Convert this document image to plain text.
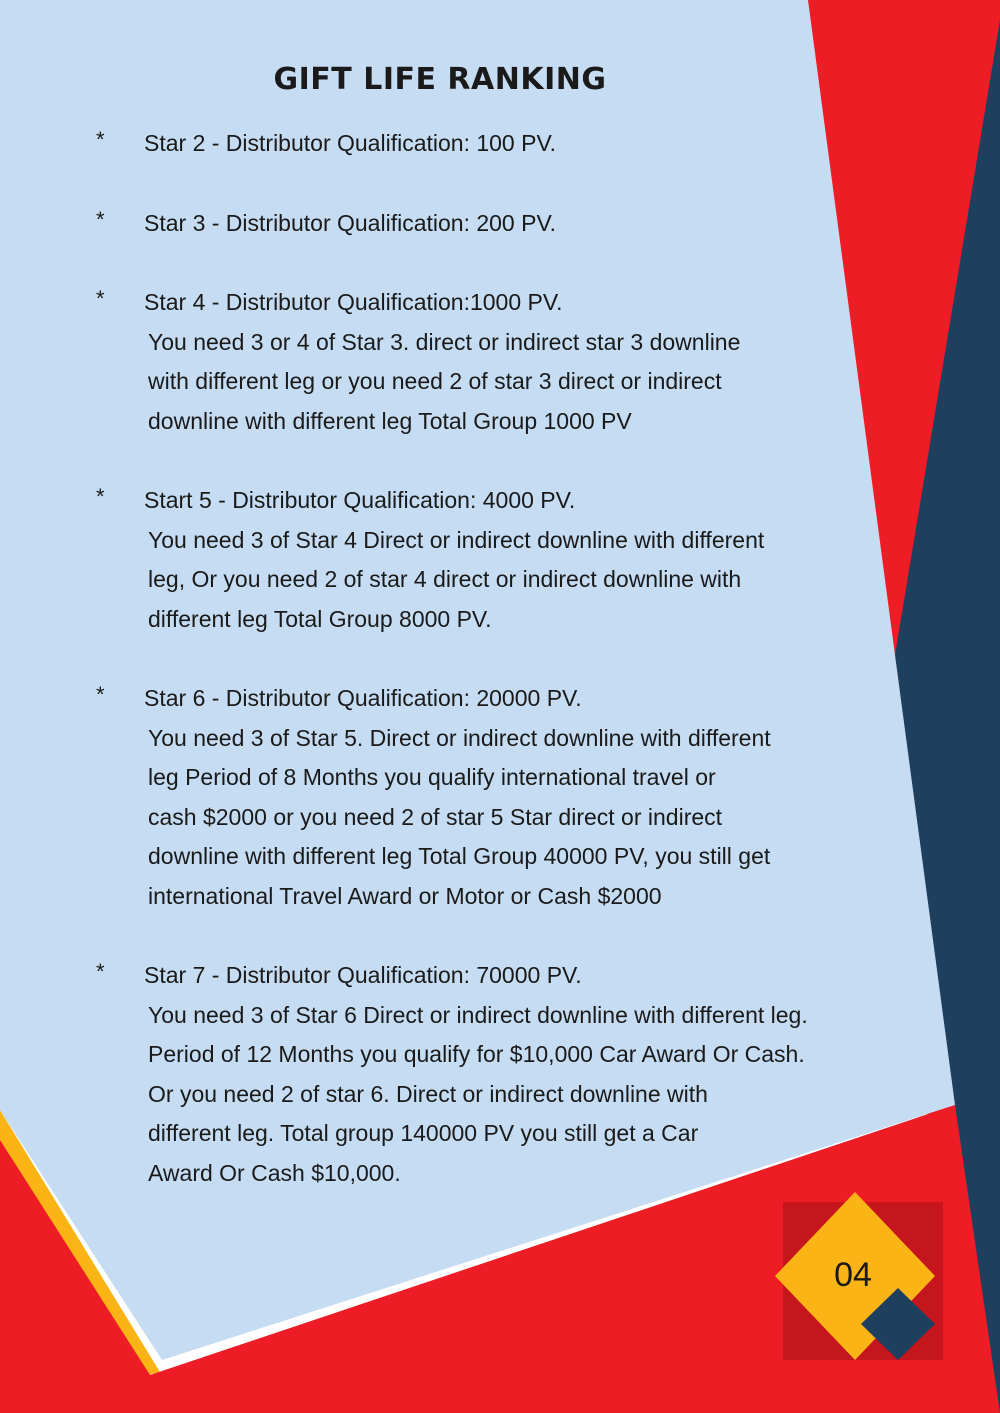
GIFT LIFE RANKING
* Star 2 - Distributor Qualification: 100 PV.
* Star 3 - Distributor Qualification: 200 PV.
* Star 4 - Distributor Qualification:1000 PV.
You need 3 or 4 of Star 3. direct or indirect star 3 downline
with different leg or you need 2 of star 3 direct or indirect
downline with different leg Total Group 1000 PV
* Start 5 - Distributor Qualification: 4000 PV.
You need 3 of Star 4 Direct or indirect downline with different
leg, Or you need 2 of star 4 direct or indirect downline with
different leg Total Group 8000 PV.
* Star 6 - Distributor Qualification: 20000 PV.
You need 3 of Star 5. Direct or indirect downline with different
leg Period of 8 Months you qualify international travel or
cash $2000 or you need 2 of star 5 Star direct or indirect
downline with different leg Total Group 40000 PV, you still get
international Travel Award or Motor or Cash $2000
* Star 7 - Distributor Qualification: 70000 PV.
You need 3 of Star 6 Direct or indirect downline with different leg.
Period of 12 Months you qualify for $10,000 Car Award Or Cash.
Or you need 2 of star 6. Direct or indirect downline with
different leg. Total group 140000 PV you still get a Car
Award Or Cash $10,000.
04
